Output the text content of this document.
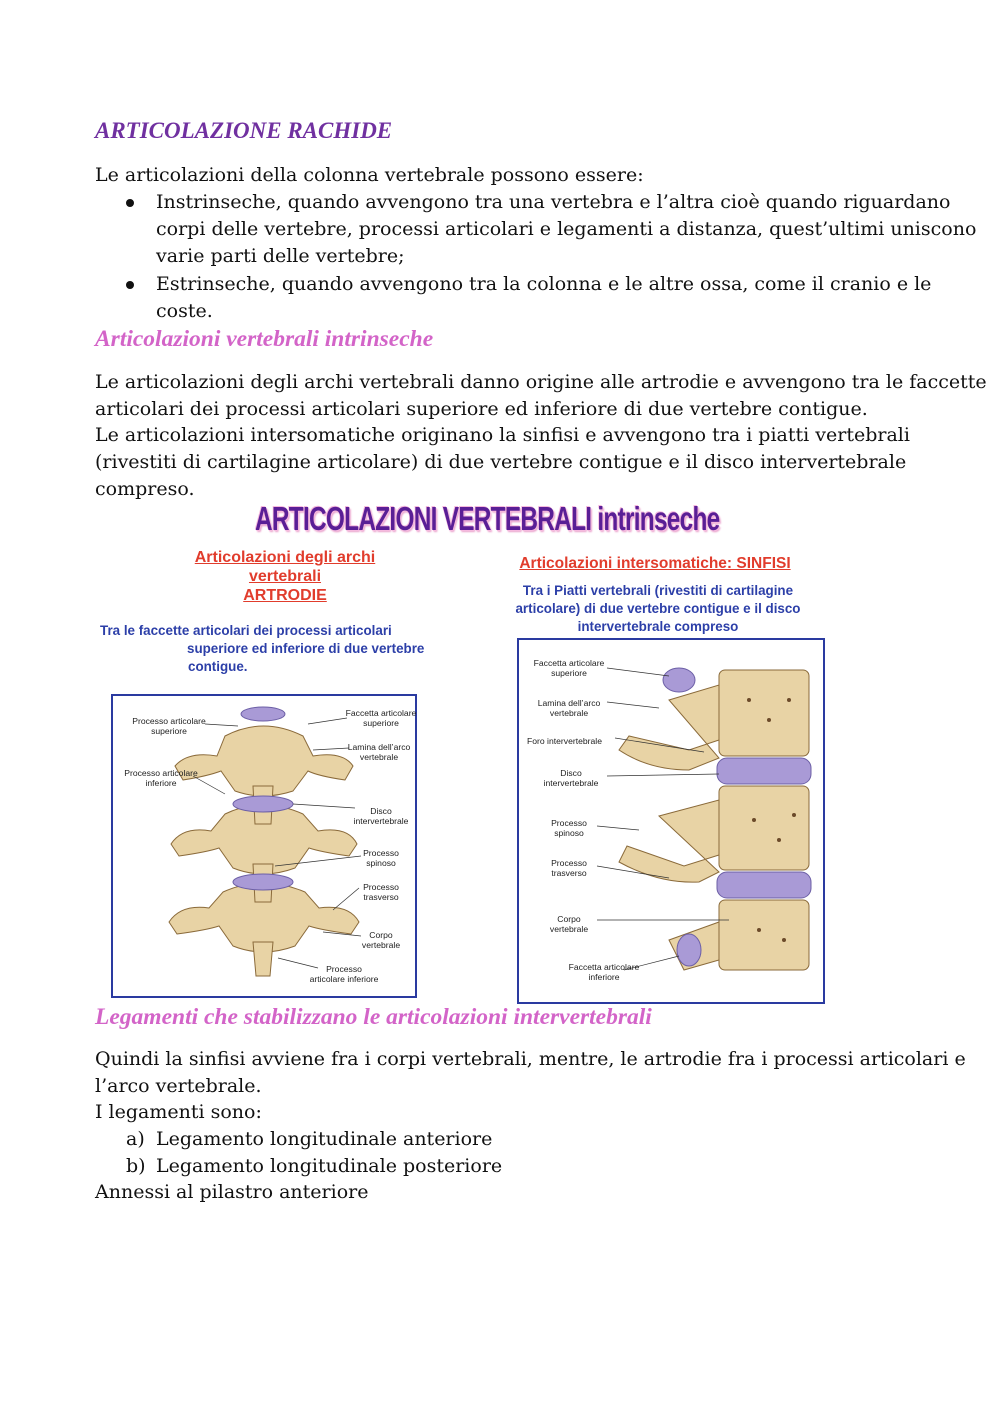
ARTICOLAZIONE RACHIDE

Le articolazioni della colonna vertebrale possono essere:

Instrinseche, quando avvengono tra una vertebra e l’altra cioè quando riguardano

corpi delle vertebre, processi articolari e legamenti a distanza, quest’ultimi uniscono

varie parti delle vertebre;

Estrinseche, quando avvengono tra la colonna e le altre ossa, come il cranio e le

coste.

Articolazioni vertebrali intrinseche

Le articolazioni degli archi vertebrali danno origine alle artrodie e avvengono tra le faccette

articolari dei processi articolari superiore ed inferiore di due vertebre contigue.

Le articolazioni intersomatiche originano la sinfisi e avvengono tra i piatti vertebrali

(rivestiti di cartilagine articolare) di due vertebre contigue e il disco intervertebrale

compreso.

ARTICOLAZIONI VERTEBRALI intrinseche
Articolazioni degli archi
vertebrali
ARTRODIE
Tra le faccette articolari dei processi articolari
superiore ed inferiore di due vertebre
contigue.
Articolazioni intersomatiche: SINFISI
Tra i Piatti vertebrali (rivestiti di cartilagine
articolare) di due vertebre contigue e il disco
intervertebrale compreso
Processo articolare
superiore
Processo articolare
inferiore
Faccetta articolare
superiore
Lamina dell’arco
vertebrale
Disco
intervertebrale
Processo
spinoso
Processo
trasverso
Corpo
vertebrale
Processo
articolare inferiore
Faccetta articolare
superiore
Lamina dell’arco
vertebrale
Foro intervertebrale
Disco
intervertebrale
Processo
spinoso
Processo
trasverso
Corpo
vertebrale
Faccetta articolare
inferiore
Legamenti che stabilizzano le articolazioni intervertebrali

Quindi la sinfisi avviene fra i corpi vertebrali, mentre, le artrodie fra i processi articolari e

l’arco vertebrale.

I legamenti sono:

a) Legamento longitudinale anteriore

b) Legamento longitudinale posteriore

Annessi al pilastro anteriore
